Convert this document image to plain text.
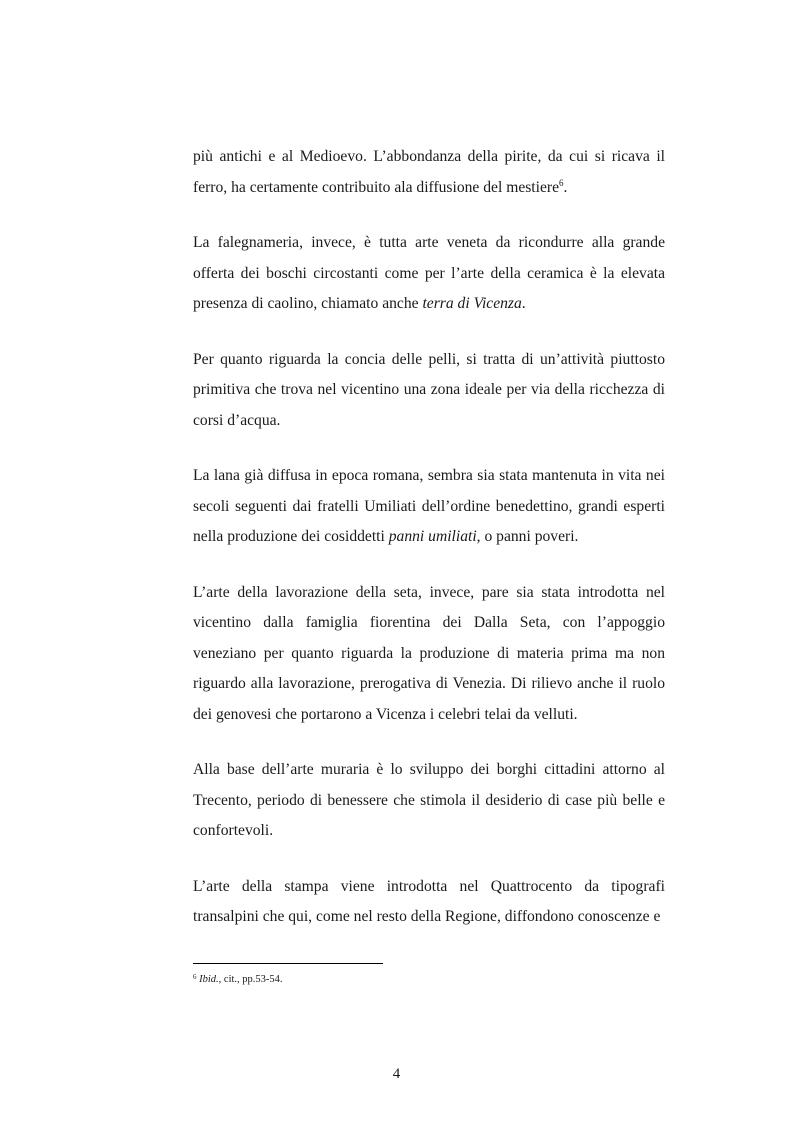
più antichi e al Medioevo. L’abbondanza della pirite, da cui si ricava il ferro, ha certamente contribuito ala diffusione del mestiere$^6$.

La falegnameria, invece, è tutta arte veneta da ricondurre alla grande offerta dei boschi circostanti come per l’arte della ceramica è la elevata presenza di caolino, chiamato anche terra di Vicenza.

Per quanto riguarda la concia delle pelli, si tratta di un’attività piuttosto primitiva che trova nel vicentino una zona ideale per via della ricchezza di corsi d’acqua.

La lana già diffusa in epoca romana, sembra sia stata mantenuta in vita nei secoli seguenti dai fratelli Umiliati dell’ordine benedettino, grandi esperti nella produzione dei cosiddetti panni umiliati, o panni poveri.

L’arte della lavorazione della seta, invece, pare sia stata introdotta nel vicentino dalla famiglia fiorentina dei Dalla Seta, con l’appoggio veneziano per quanto riguarda la produzione di materia prima ma non riguardo alla lavorazione, prerogativa di Venezia. Di rilievo anche il ruolo dei genovesi che portarono a Vicenza i celebri telai da velluti.

Alla base dell’arte muraria è lo sviluppo dei borghi cittadini attorno al Trecento, periodo di benessere che stimola il desiderio di case più belle e confortevoli.

L’arte della stampa viene introdotta nel Quattrocento da tipografi transalpini che qui, come nel resto della Regione, diffondono conoscenze e

$^6$ Ibid., cit., pp.53-54.
4
